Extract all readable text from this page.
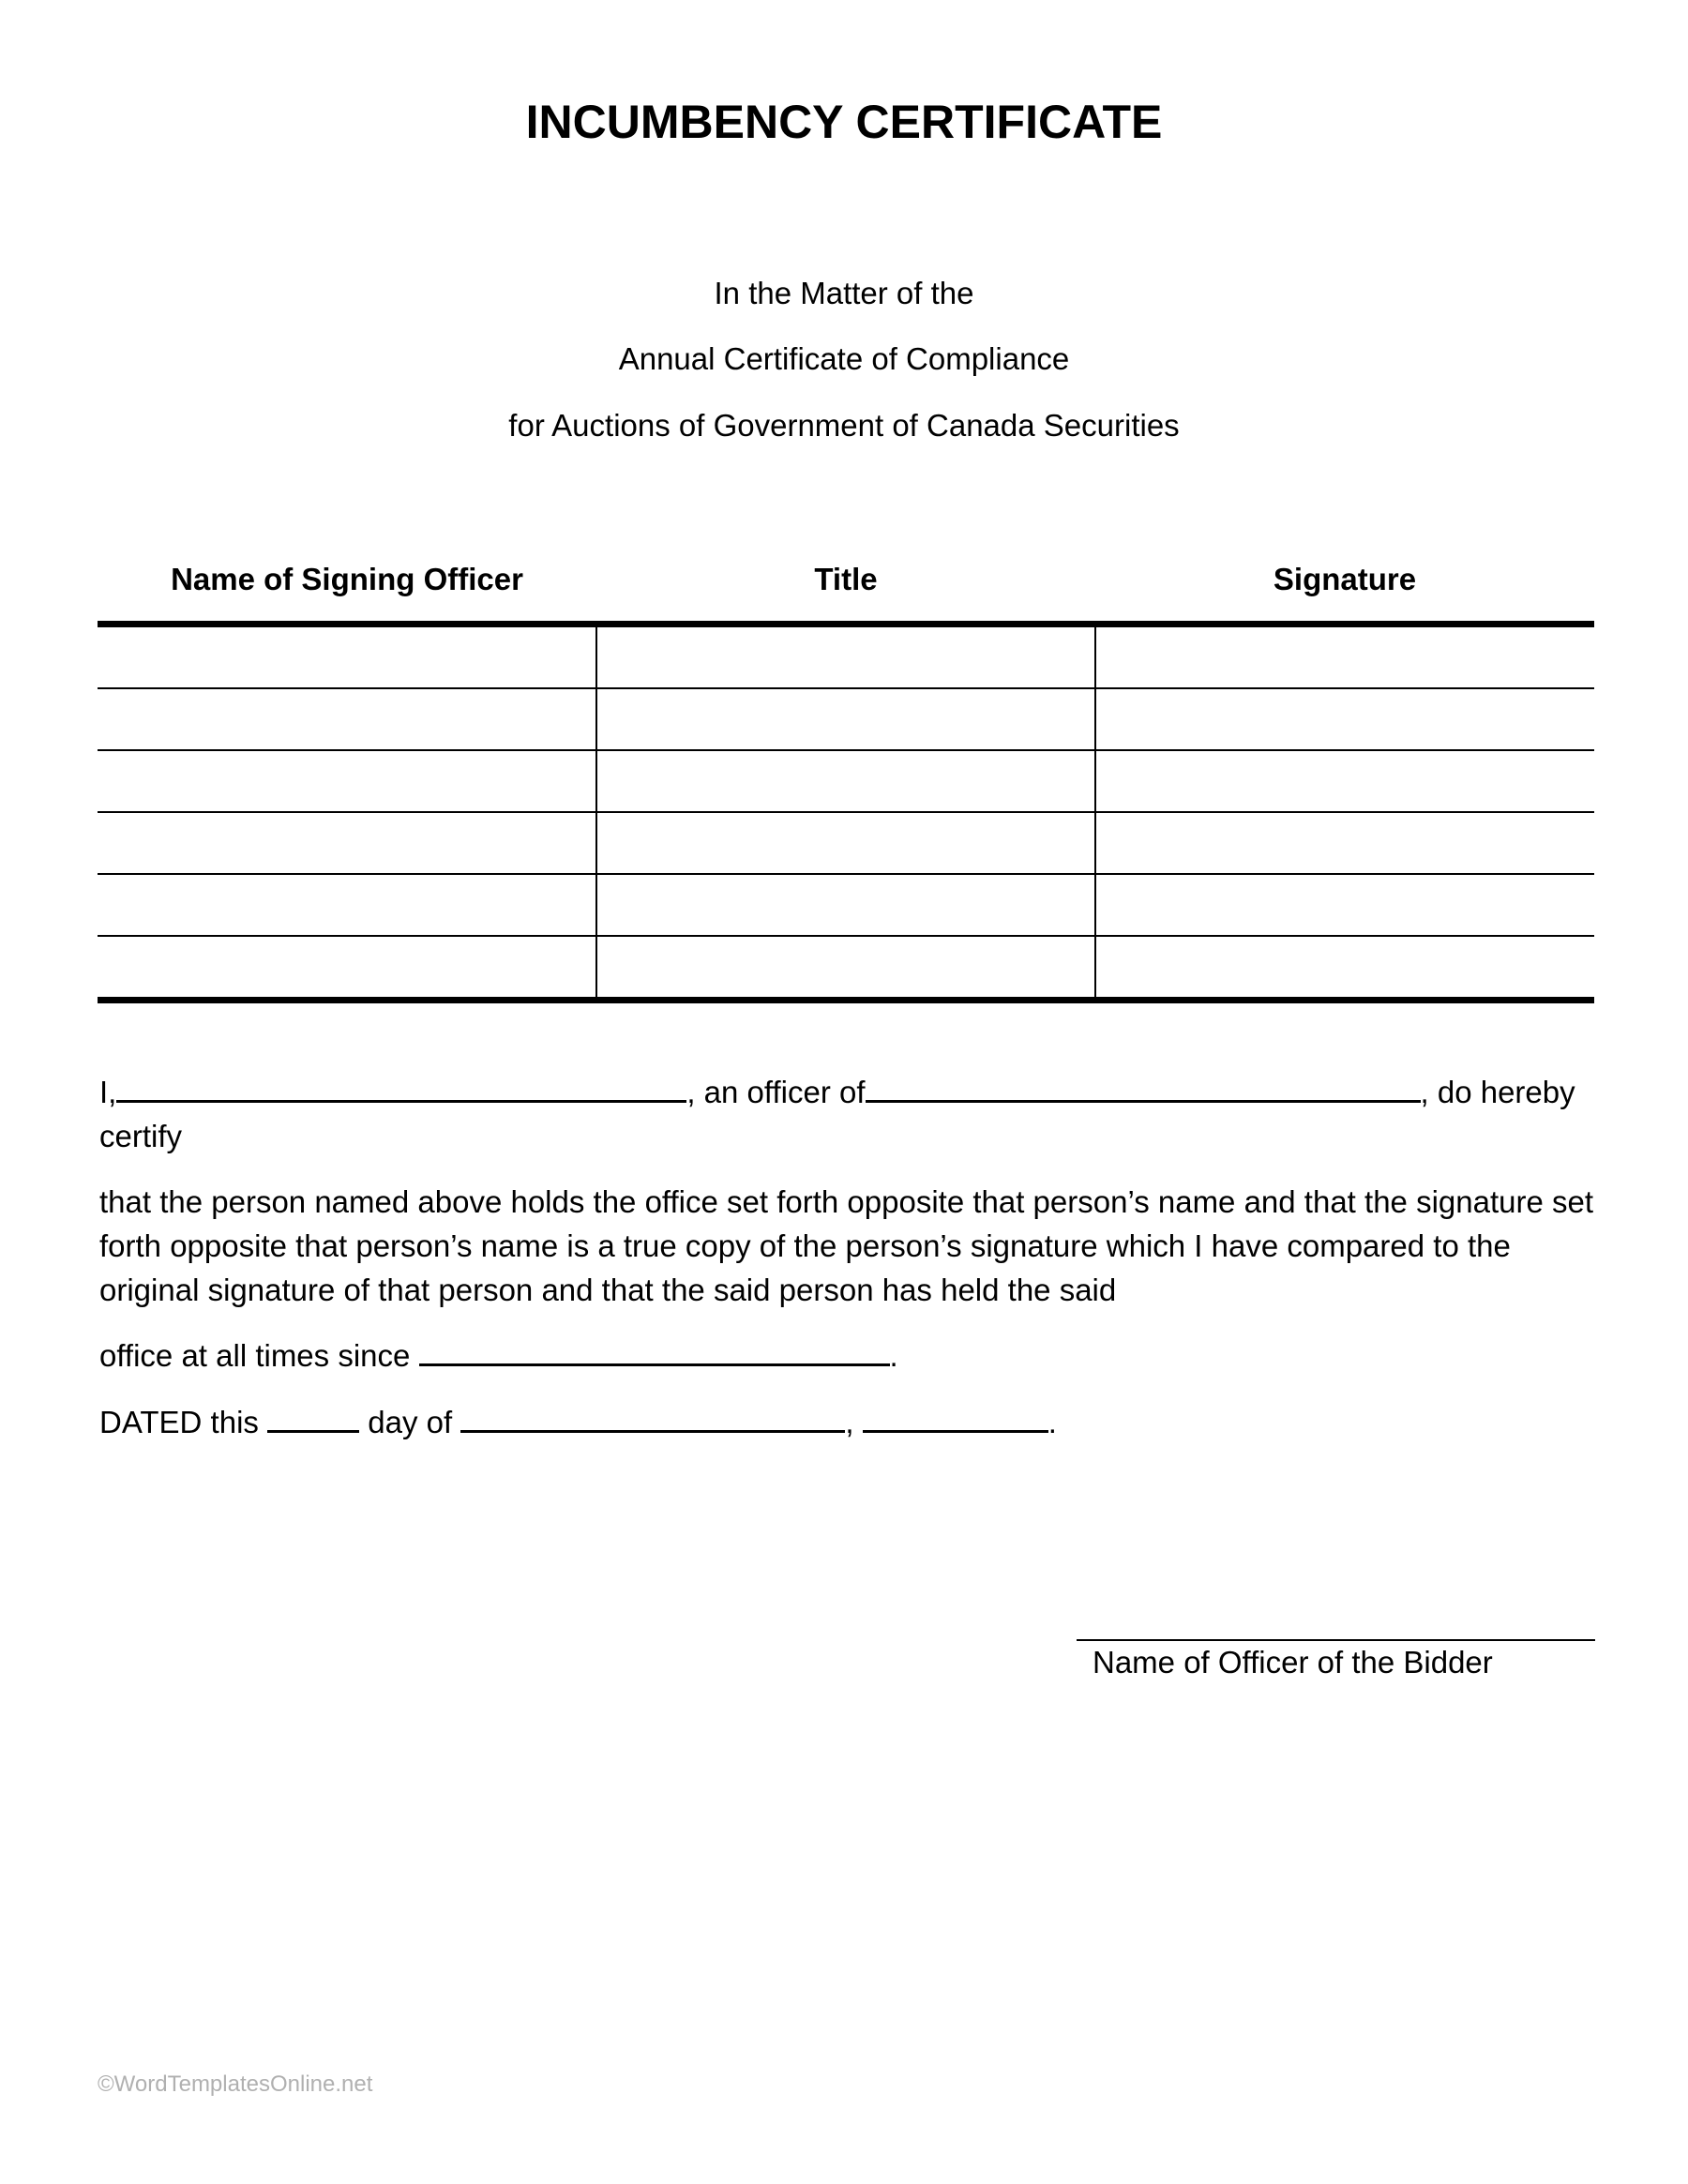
INCUMBENCY CERTIFICATE
In the Matter of the
Annual Certificate of Compliance
for Auctions of Government of Canada Securities
Name of Signing Officer	Title	Signature

I,	, an officer of	, do hereby
certify
that the person named above holds the office set forth opposite that person’s name and that the signature set forth opposite that person’s name is a true copy of the person’s signature which I have compared to the original signature of that person and that the said person has held the said
office at all times since	.
DATED this	day of	,	.
Name of Officer of the Bidder
©WordTemplatesOnline.net
